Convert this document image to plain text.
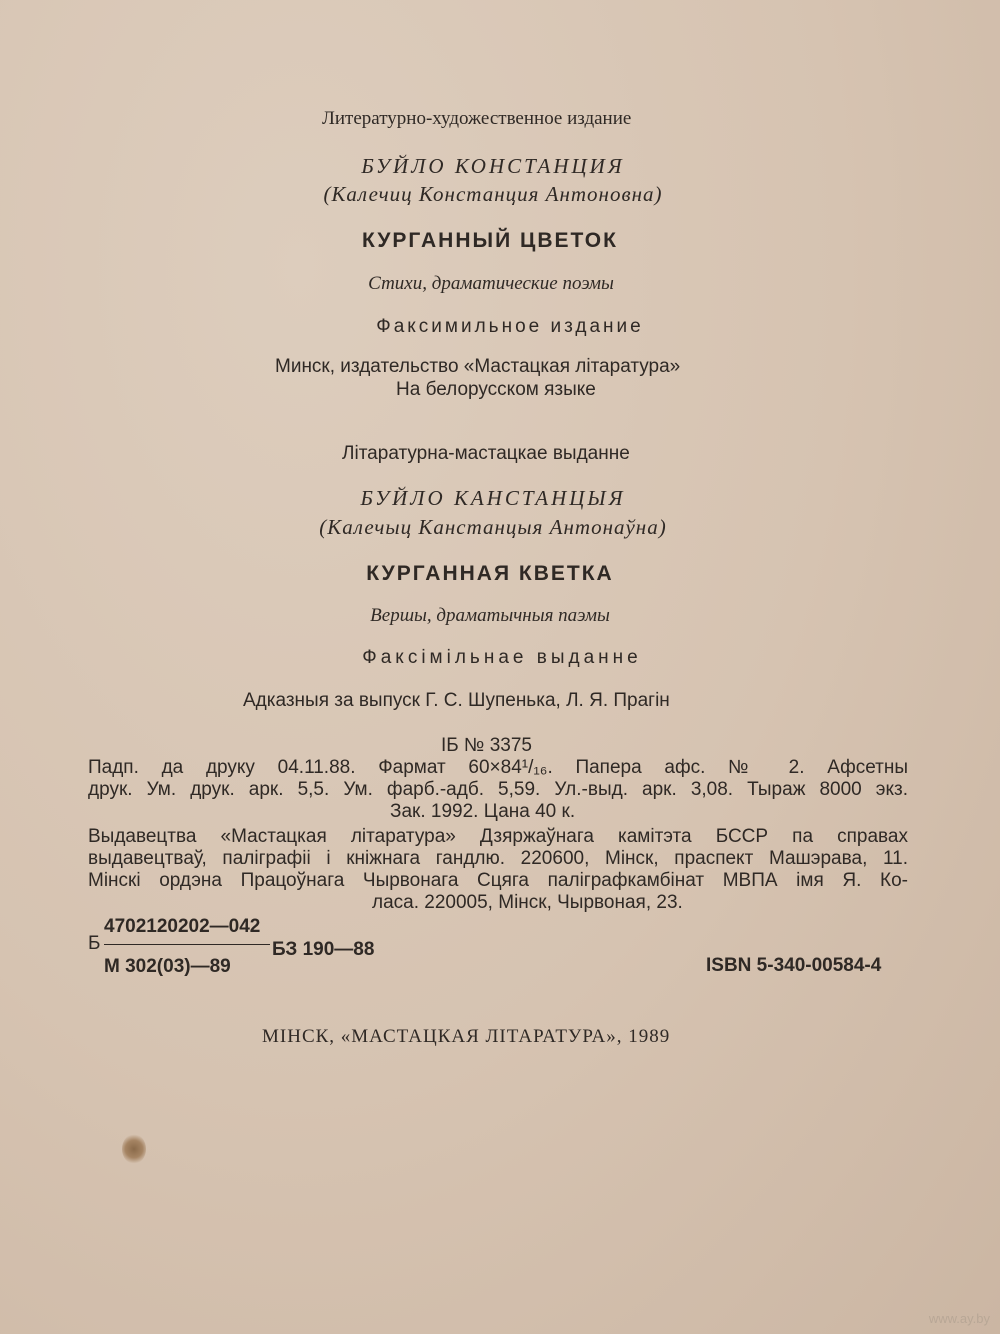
Литературно-художественное издание
БУЙЛО КОНСТАНЦИЯ
(Калечиц Констанция Антоновна)
КУРГАННЫЙ ЦВЕТОК
Стихи, драматические поэмы
Факсимильное издание
Минск, издательство «Мастацкая літаратура»
На белорусском языке
Літаратурна-мастацкае выданне
БУЙЛО КАНСТАНЦЫЯ
(Калечыц Канстанцыя Антонаўна)
КУРГАННАЯ КВЕТКА
Вершы, драматычныя паэмы
Факсімільнае выданне
Адказныя за выпуск Г. С. Шупенька, Л. Я. Прагін
ІБ № 3375
Падп. да друку 04.11.88. Фармат 60×84¹/₁₆. Папера афс. № 2. Афсетны
друк. Ум. друк. арк. 5,5. Ум. фарб.-адб. 5,59. Ул.-выд. арк. 3,08. Тыраж 8000 экз.
Зак. 1992. Цана 40 к.
Выдавецтва «Мастацкая літаратура» Дзяржаўнага камітэта БССР па справах
выдавецтваў, паліграфіі і кніжнага гандлю. 220600, Мінск, праспект Машэрава, 11.
Мінскі ордэна Працоўнага Чырвонага Сцяга паліграфкамбінат МВПА імя Я. Ко-
ласа. 220005, Мінск, Чырвоная, 23.
Б
4702120202—042
М 302(03)—89
БЗ 190—88
ISBN 5-340-00584-4
МІНСК, «МАСТАЦКАЯ ЛІТАРАТУРА», 1989
www.ay.by
